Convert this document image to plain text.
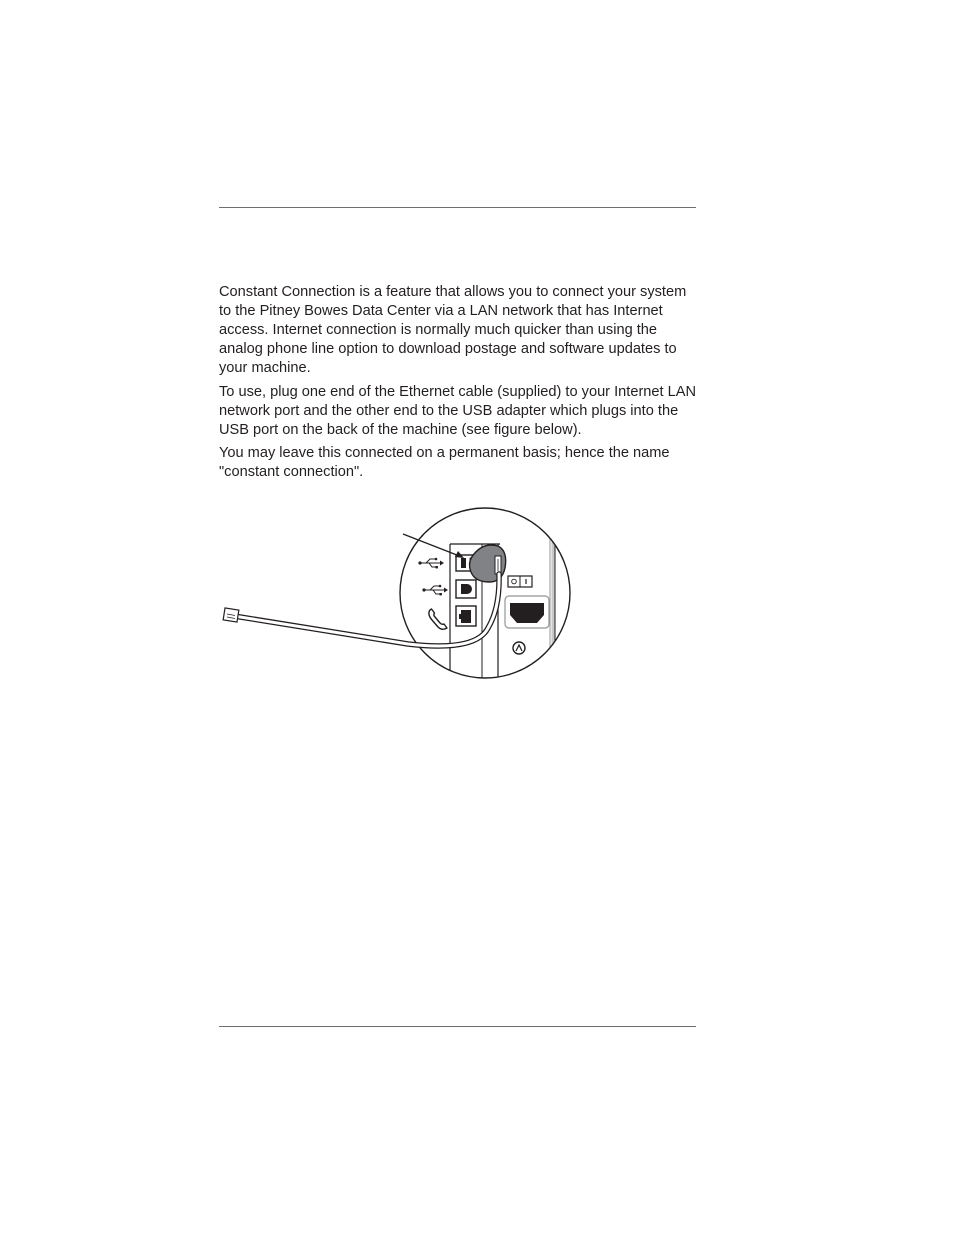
Constant Connection is a feature that allows you to connect your system to the Pitney Bowes Data Center via a LAN network that has Internet access. Internet connection is normally much quicker than using the analog phone line option to download postage and software updates to your machine.

To use, plug one end of the Ethernet cable (supplied) to your Internet LAN network port and the other end to the USB adapter which plugs into the USB port on the back of the machine (see figure below).

You may leave this connected on a permanent basis; hence the name "constant connection".
